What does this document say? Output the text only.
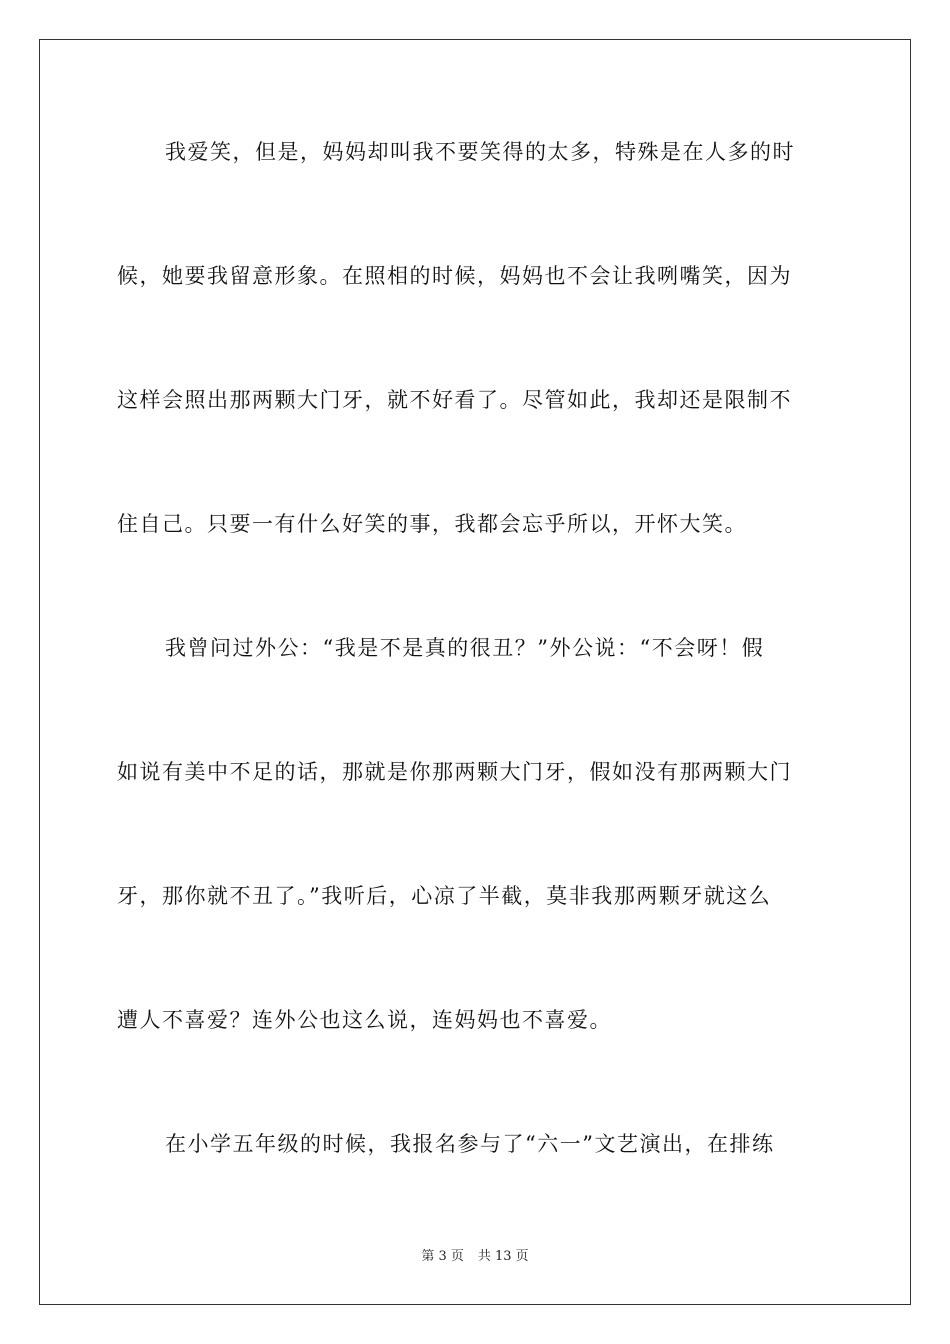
我爱笑，但是，妈妈却叫我不要笑得的太多，特殊是在人多的时
候，她要我留意形象。在照相的时候，妈妈也不会让我咧嘴笑，因为
这样会照出那两颗大门牙，就不好看了。尽管如此，我却还是限制不
住自己。只要一有什么好笑的事，我都会忘乎所以，开怀大笑。
我曾问过外公：“我是不是真的很丑？”外公说：“不会呀！假
如说有美中不足的话，那就是你那两颗大门牙，假如没有那两颗大门
牙，那你就不丑了。”我听后，心凉了半截，莫非我那两颗牙就这么
遭人不喜爱？连外公也这么说，连妈妈也不喜爱。
在小学五年级的时候，我报名参与了“六一”文艺演出，在排练
第 3 页 共 13 页
